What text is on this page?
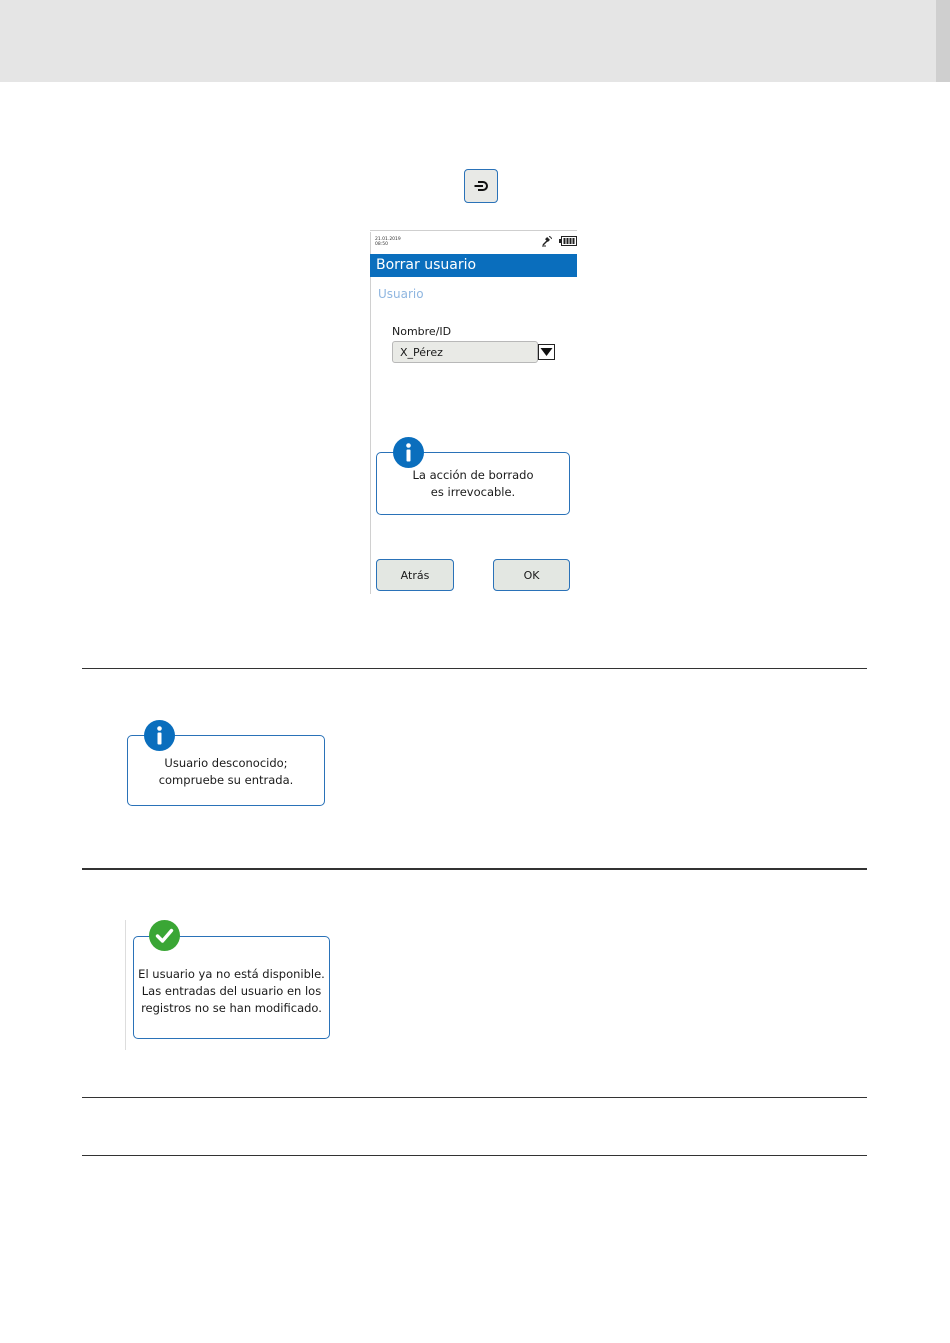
21.01.2019
08:50
Borrar usuario
Usuario
Nombre/ID
X_Pérez
La acción de borrado
es irrevocable.
Atrás	OK
Usuario desconocido;
compruebe su entrada.
El usuario ya no está disponible.
Las entradas del usuario en los
registros no se han modificado.
